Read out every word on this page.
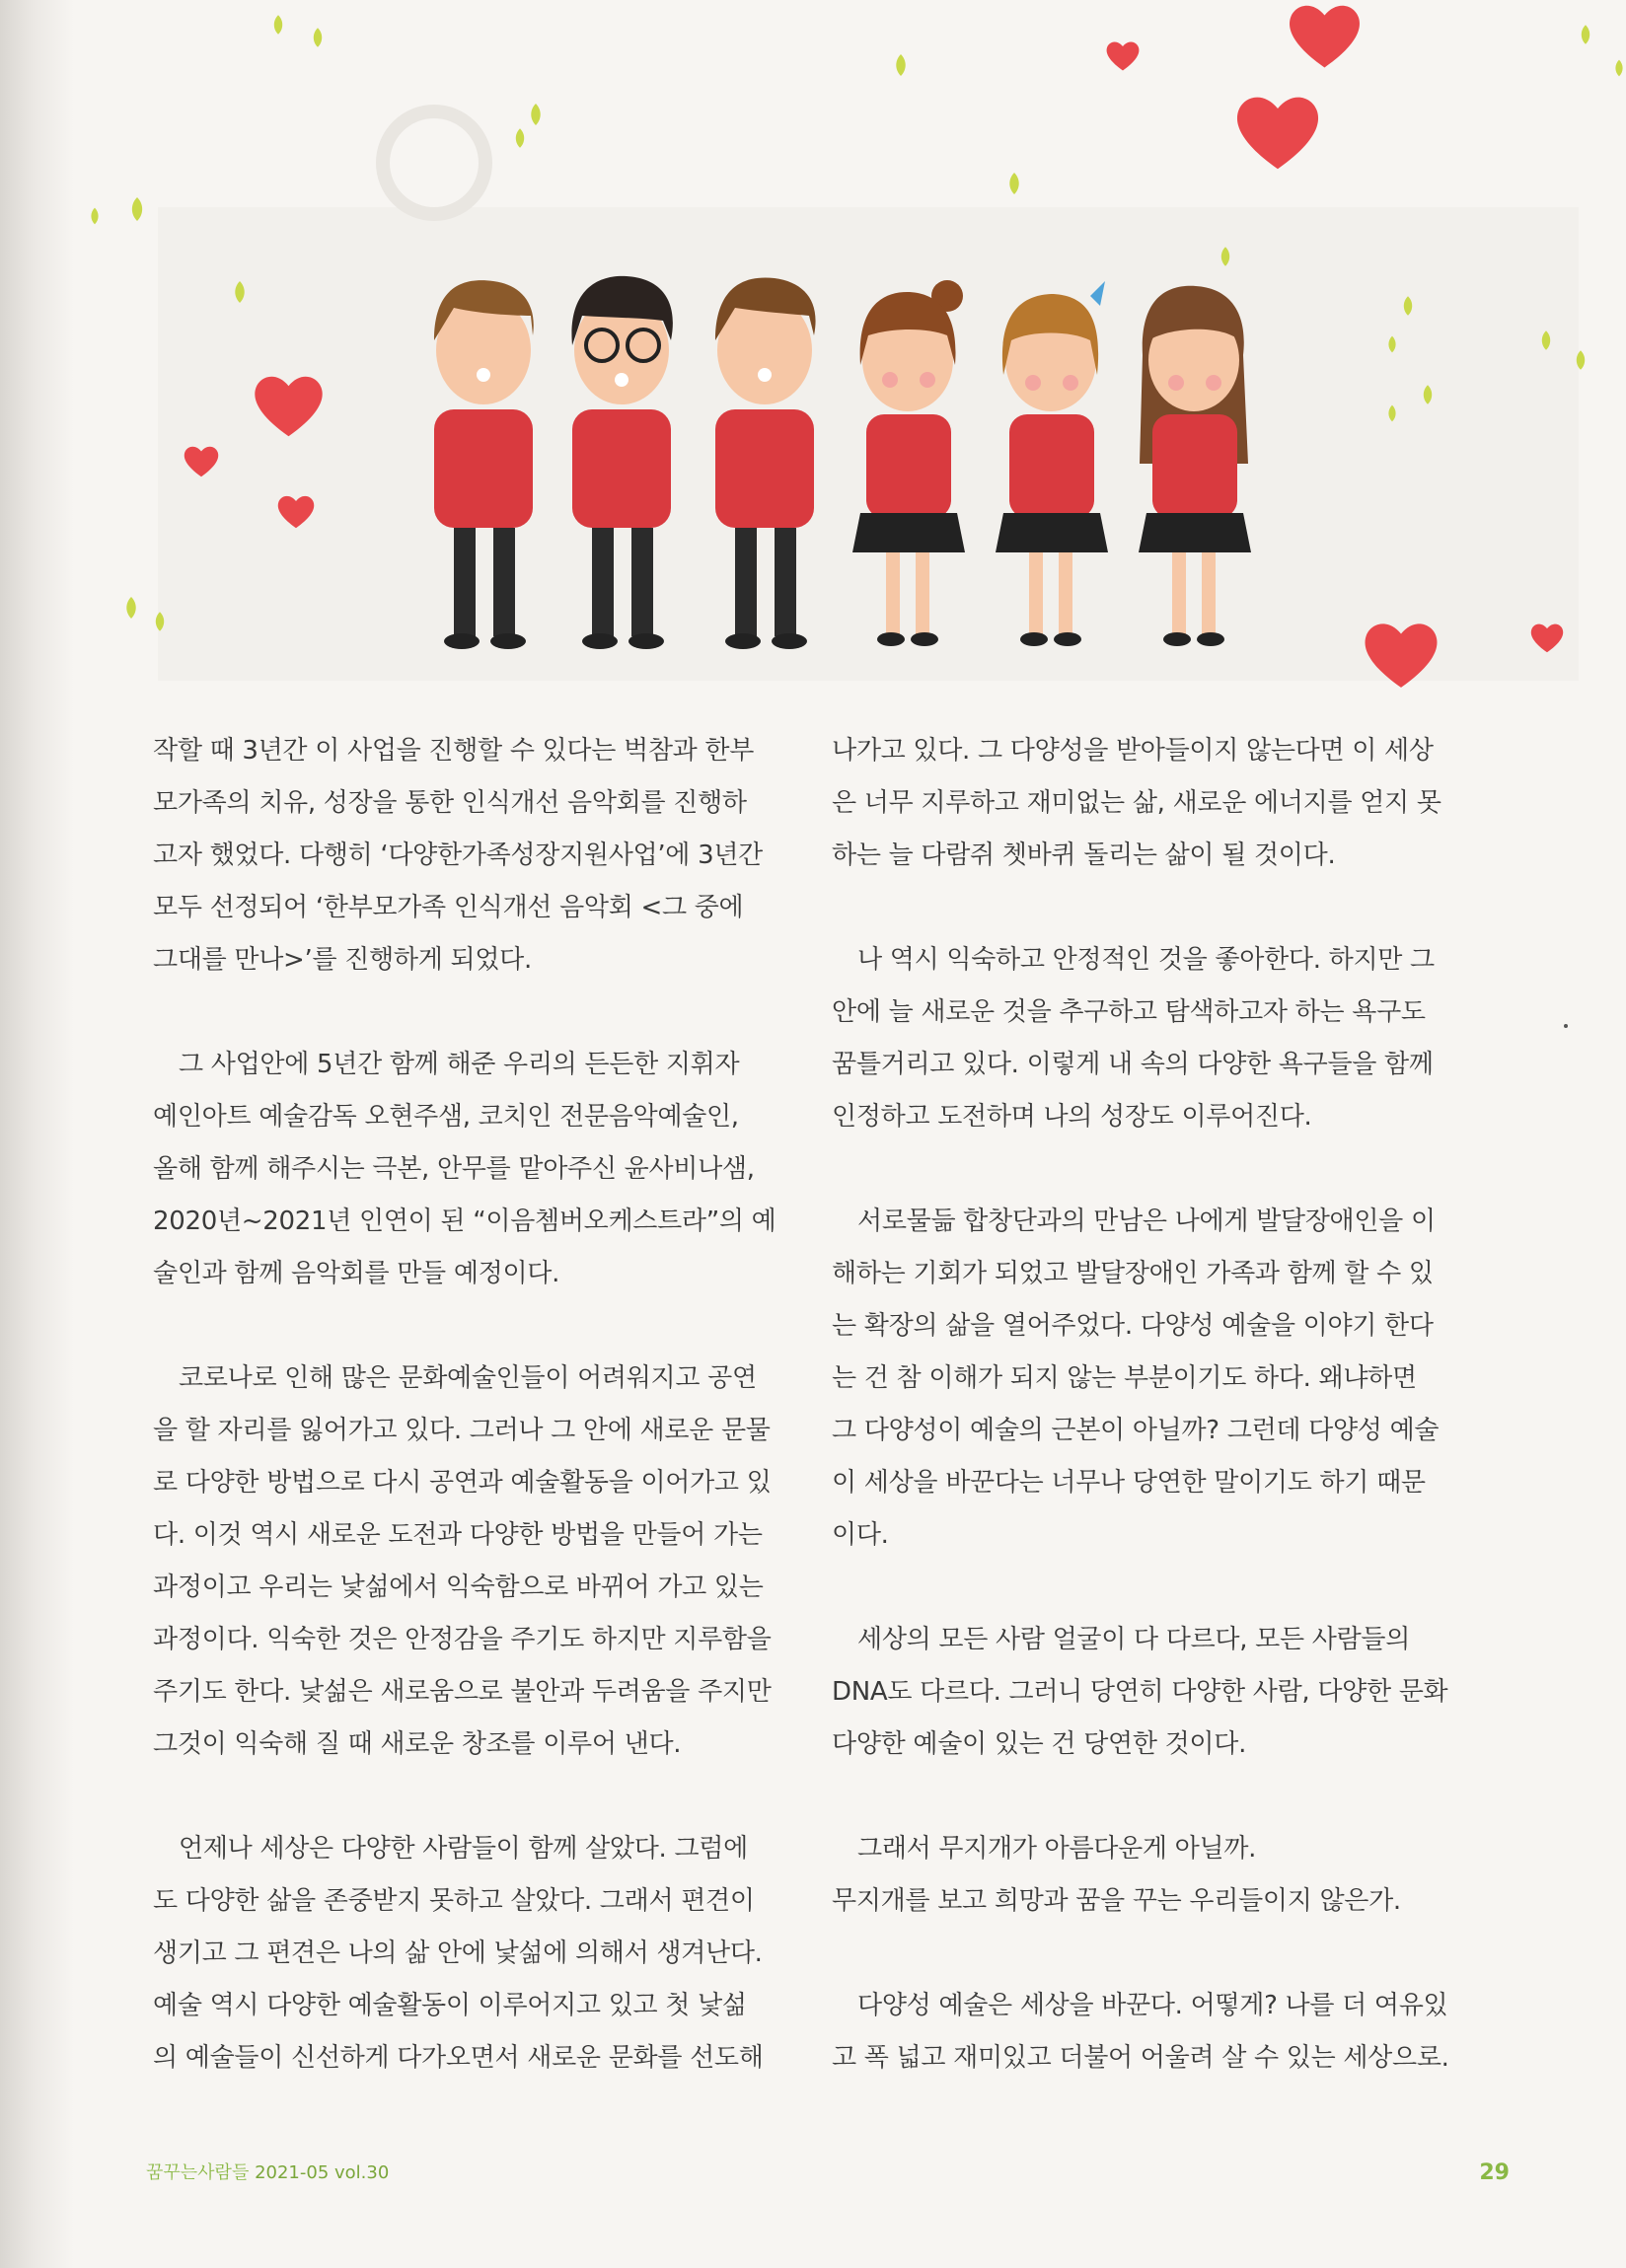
작할 때 3년간 이 사업을 진행할 수 있다는 벅참과 한부
모가족의 치유, 성장을 통한 인식개선 음악회를 진행하
고자 했었다. 다행히 ‘다양한가족성장지원사업’에 3년간
모두 선정되어 ‘한부모가족 인식개선 음악회 <그 중에
그대를 만나>’를 진행하게 되었다.

그 사업안에 5년간 함께 해준 우리의 든든한 지휘자
예인아트 예술감독 오현주샘, 코치인 전문음악예술인,
올해 함께 해주시는 극본, 안무를 맡아주신 윤사비나샘,
2020년~2021년 인연이 된 “이음쳄버오케스트라”의 예
술인과 함께 음악회를 만들 예정이다.

코로나로 인해 많은 문화예술인들이 어려워지고 공연
을 할 자리를 잃어가고 있다. 그러나 그 안에 새로운 문물
로 다양한 방법으로 다시 공연과 예술활동을 이어가고 있
다. 이것 역시 새로운 도전과 다양한 방법을 만들어 가는
과정이고 우리는 낯섦에서 익숙함으로 바뀌어 가고 있는
과정이다. 익숙한 것은 안정감을 주기도 하지만 지루함을
주기도 한다. 낯섦은 새로움으로 불안과 두려움을 주지만
그것이 익숙해 질 때 새로운 창조를 이루어 낸다.

언제나 세상은 다양한 사람들이 함께 살았다. 그럼에
도 다양한 삶을 존중받지 못하고 살았다. 그래서 편견이
생기고 그 편견은 나의 삶 안에 낯섦에 의해서 생겨난다.
예술 역시 다양한 예술활동이 이루어지고 있고 첫 낯섦
의 예술들이 신선하게 다가오면서 새로운 문화를 선도해

나가고 있다. 그 다양성을 받아들이지 않는다면 이 세상
은 너무 지루하고 재미없는 삶, 새로운 에너지를 얻지 못
하는 늘 다람쥐 쳇바퀴 돌리는 삶이 될 것이다.

나 역시 익숙하고 안정적인 것을 좋아한다. 하지만 그
안에 늘 새로운 것을 추구하고 탐색하고자 하는 욕구도
꿈틀거리고 있다. 이렇게 내 속의 다양한 욕구들을 함께
인정하고 도전하며 나의 성장도 이루어진다.

서로물듦 합창단과의 만남은 나에게 발달장애인을 이
해하는 기회가 되었고 발달장애인 가족과 함께 할 수 있
는 확장의 삶을 열어주었다. 다양성 예술을 이야기 한다
는 건 참 이해가 되지 않는 부분이기도 하다. 왜냐하면
그 다양성이 예술의 근본이 아닐까? 그런데 다양성 예술
이 세상을 바꾼다는 너무나 당연한 말이기도 하기 때문
이다.

세상의 모든 사람 얼굴이 다 다르다, 모든 사람들의
DNA도 다르다. 그러니 당연히 다양한 사람, 다양한 문화
다양한 예술이 있는 건 당연한 것이다.

그래서 무지개가 아름다운게 아닐까.
무지개를 보고 희망과 꿈을 꾸는 우리들이지 않은가.

다양성 예술은 세상을 바꾼다. 어떻게? 나를 더 여유있
고 폭 넓고 재미있고 더불어 어울려 살 수 있는 세상으로.

꿈꾸는사람들 2021-05 vol.30	29
